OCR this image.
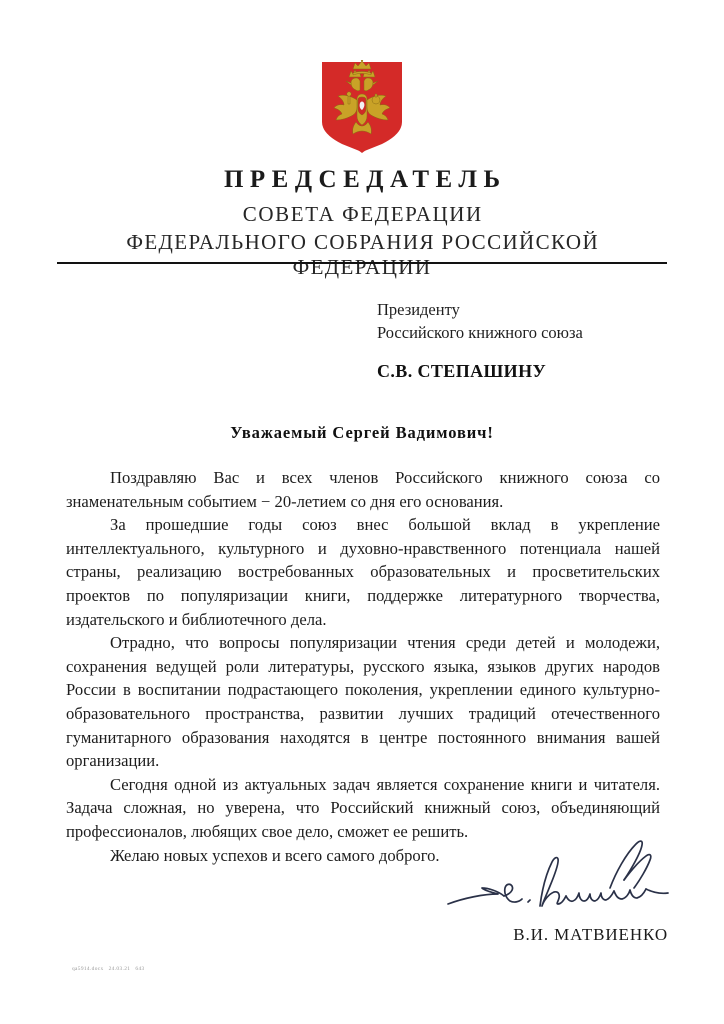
ПРЕДСЕДАТЕЛЬ
СОВЕТА ФЕДЕРАЦИИ
ФЕДЕРАЛЬНОГО СОБРАНИЯ РОССИЙСКОЙ ФЕДЕРАЦИИ
Президенту
Российского книжного союза
С.В. СТЕПАШИНУ
Уважаемый Сергей Вадимович!

Поздравляю Вас и всех членов Российского книжного союза со знаменательным событием − 20-летием со дня его основания.

За прошедшие годы союз внес большой вклад в укрепление интеллектуального, культурного и духовно-нравственного потенциала нашей страны, реализацию востребованных образовательных и просветительских проектов по популяризации книги, поддержке литературного творчества, издательского и библиотечного дела.

Отрадно, что вопросы популяризации чтения среди детей и молодежи, сохранения ведущей роли литературы, русского языка, языков других народов России в воспитании подрастающего поколения, укреплении единого культурно-образовательного пространства, развитии лучших традиций отечественного гуманитарного образования находятся в центре постоянного внимания вашей организации.

Сегодня одной из актуальных задач является сохранение книги и читателя. Задача сложная, но уверена, что Российский книжный союз, объединяющий профессионалов, любящих свое дело, сможет ее решить.

Желаю новых успехов и всего самого доброго.

В.И. МАТВИЕНКО
qa5914.docx   24.03.21   643
